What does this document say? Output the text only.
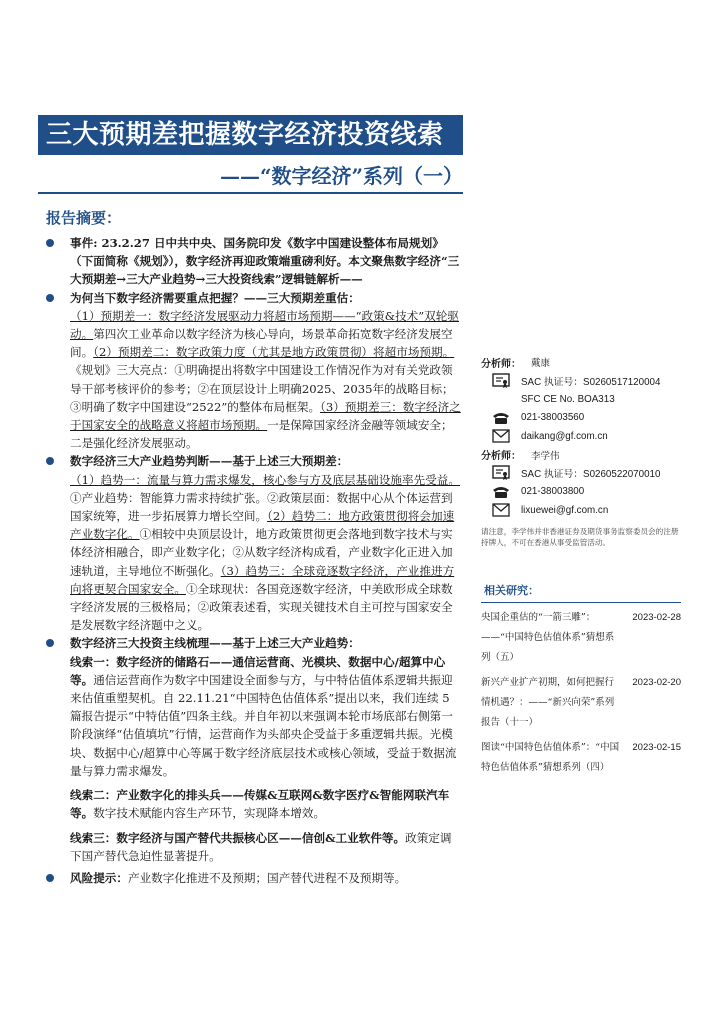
三大预期差把握数字经济投资线索
——“数字经济”系列（一）
报告摘要：
事件: 23.2.27 日中共中央、国务院印发《数字中国建设整体布局规划》（下面简称《规划》），数字经济再迎政策端重磅利好。本文聚焦数字经济“三大预期差→三大产业趋势→三大投资线索”逻辑链解析——
为何当下数字经济需要重点把握？——三大预期差重估：
（1）预期差一：数字经济发展驱动力将超市场预期——“政策&技术”双轮驱动。第四次工业革命以数字经济为核心导向，场景革命拓宽数字经济发展空间。（2）预期差二：数字政策力度（尤其是地方政策贯彻）将超市场预期。《规划》三大亮点：①明确提出将数字中国建设工作情况作为对有关党政领导干部考核评价的参考；②在顶层设计上明确2025、2035年的战略目标；③明确了数字中国建设“2522”的整体布局框架。（3）预期差三：数字经济之于国家安全的战略意义将超市场预期。一是保障国家经济金融等领域安全；二是强化经济发展驱动。
数字经济三大产业趋势判断——基于上述三大预期差：
（1）趋势一：流量与算力需求爆发，核心参与方及底层基础设施率先受益。①产业趋势：智能算力需求持续扩张。②政策层面：数据中心从个体运营到国家统筹，进一步拓展算力增长空间。（2）趋势二：地方政策贯彻将会加速产业数字化。①相较中央顶层设计，地方政策贯彻更会落地到数字技术与实体经济相融合，即产业数字化；②从数字经济构成看，产业数字化正进入加速轨道，主导地位不断强化。（3）趋势三：全球竞逐数字经济，产业推进方向将更契合国家安全。①全球现状：各国竞逐数字经济，中美欧形成全球数字经济发展的三极格局；②政策表述看，实现关键技术自主可控与国家安全是发展数字经济题中之义。
数字经济三大投资主线梳理——基于上述三大产业趋势：
线索一：数字经济的储路石——通信运营商、光模块、数据中心/超算中心等。通信运营商作为数字中国建设全面参与方，与中特估值体系逻辑共振迎来估值重塑契机。自 22.11.21“中国特色估值体系”提出以来，我们连续 5 篇报告提示“中特估值”四条主线。并自年初以来强调本轮市场底部右侧第一阶段演绎“估值填坑”行情，运营商作为头部央企受益于多重逻辑共振。光模块、数据中心/超算中心等属于数字经济底层技术或核心领域，受益于数据流量与算力需求爆发。
线索二：产业数字化的排头兵——传媒&互联网&数字医疗&智能网联汽车等。数字技术赋能内容生产环节，实现降本增效。
线索三：数字经济与国产替代共振核心区——信创&工业软件等。政策定调下国产替代急迫性显著提升。
风险提示：产业数字化推进不及预期；国产替代进程不及预期等。
分析师：	戴康
SAC 执证号：S0260517120004
SFC CE No. BOA313
021-38003560
daikang@gf.com.cn
分析师：	李学伟
SAC 执证号：S0260522070010
021-38003800
lixuewei@gf.com.cn
请注意，李学伟并非香港证券及期货事务监察委员会的注册持牌人，不可在香港从事受监管活动。
相关研究：
央国企重估的“一箭三雕”：——“中国特色估值体系”猜想系列（五）
2023-02-28
新兴产业扩产初期，如何把握行情机遇？：——“新兴向荣”系列报告（十一）
2023-02-20
图读“中国特色估值体系”：“中国特色估值体系”猜想系列（四）
2023-02-15
